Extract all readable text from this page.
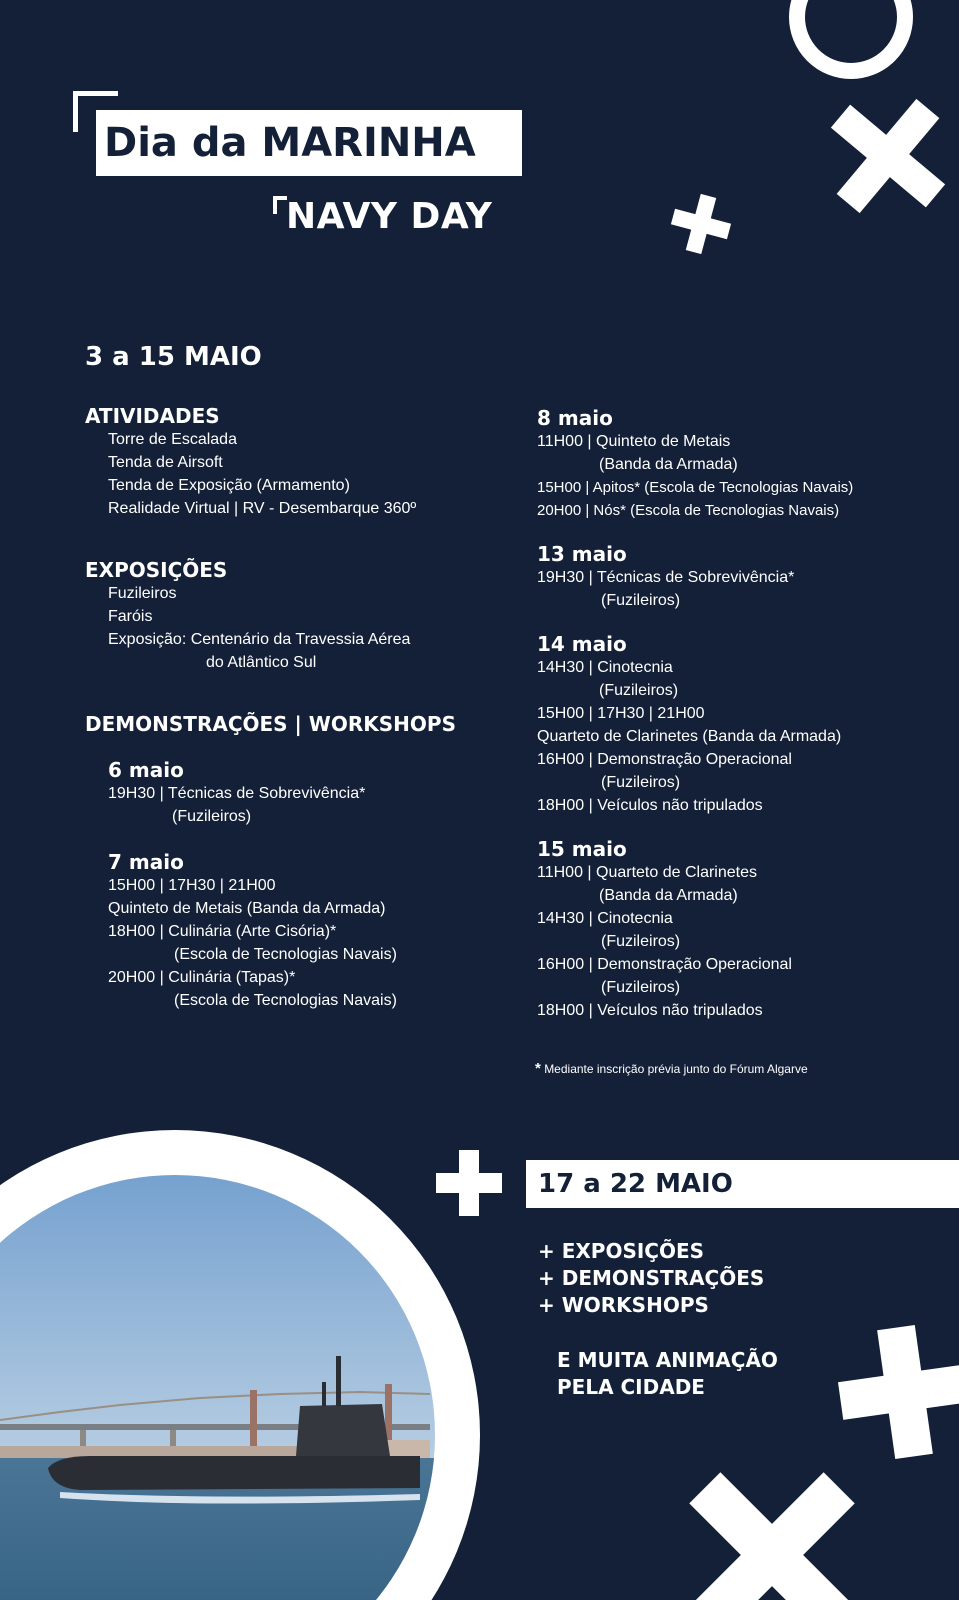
Dia da MARINHA
NAVY DAY
3 a 15 MAIO
ATIVIDADES
Torre de Escalada
Tenda de Airsoft
Tenda de Exposição (Armamento)
Realidade Virtual | RV - Desembarque 360º
EXPOSIÇÕES
Fuzileiros
Faróis
Exposição: Centenário da Travessia Aérea
do Atlântico Sul
DEMONSTRAÇÕES | WORKSHOPS
6 maio
19H30 | Técnicas de Sobrevivência*
(Fuzileiros)
7 maio
15H00 | 17H30 | 21H00
Quinteto de Metais (Banda da Armada)
18H00 | Culinária (Arte Cisória)*
(Escola de Tecnologias Navais)
20H00 | Culinária (Tapas)*
(Escola de Tecnologias Navais)
8 maio
11H00 | Quinteto de Metais
(Banda da Armada)
15H00 | Apitos* (Escola de Tecnologias Navais)
20H00 | Nós* (Escola de Tecnologias Navais)
13 maio
19H30 | Técnicas de Sobrevivência*
(Fuzileiros)
14 maio
14H30 | Cinotecnia
(Fuzileiros)
15H00 | 17H30 | 21H00
Quarteto de Clarinetes (Banda da Armada)
16H00 | Demonstração Operacional
(Fuzileiros)
18H00 | Veículos não tripulados
15 maio
11H00 | Quarteto de Clarinetes
(Banda da Armada)
14H30 | Cinotecnia
(Fuzileiros)
16H00 | Demonstração Operacional
(Fuzileiros)
18H00 | Veículos não tripulados
* Mediante inscrição prévia junto do Fórum Algarve
17 a 22 MAIO
+ EXPOSIÇÕES
+ DEMONSTRAÇÕES
+ WORKSHOPS
E MUITA ANIMAÇÃO
PELA CIDADE
